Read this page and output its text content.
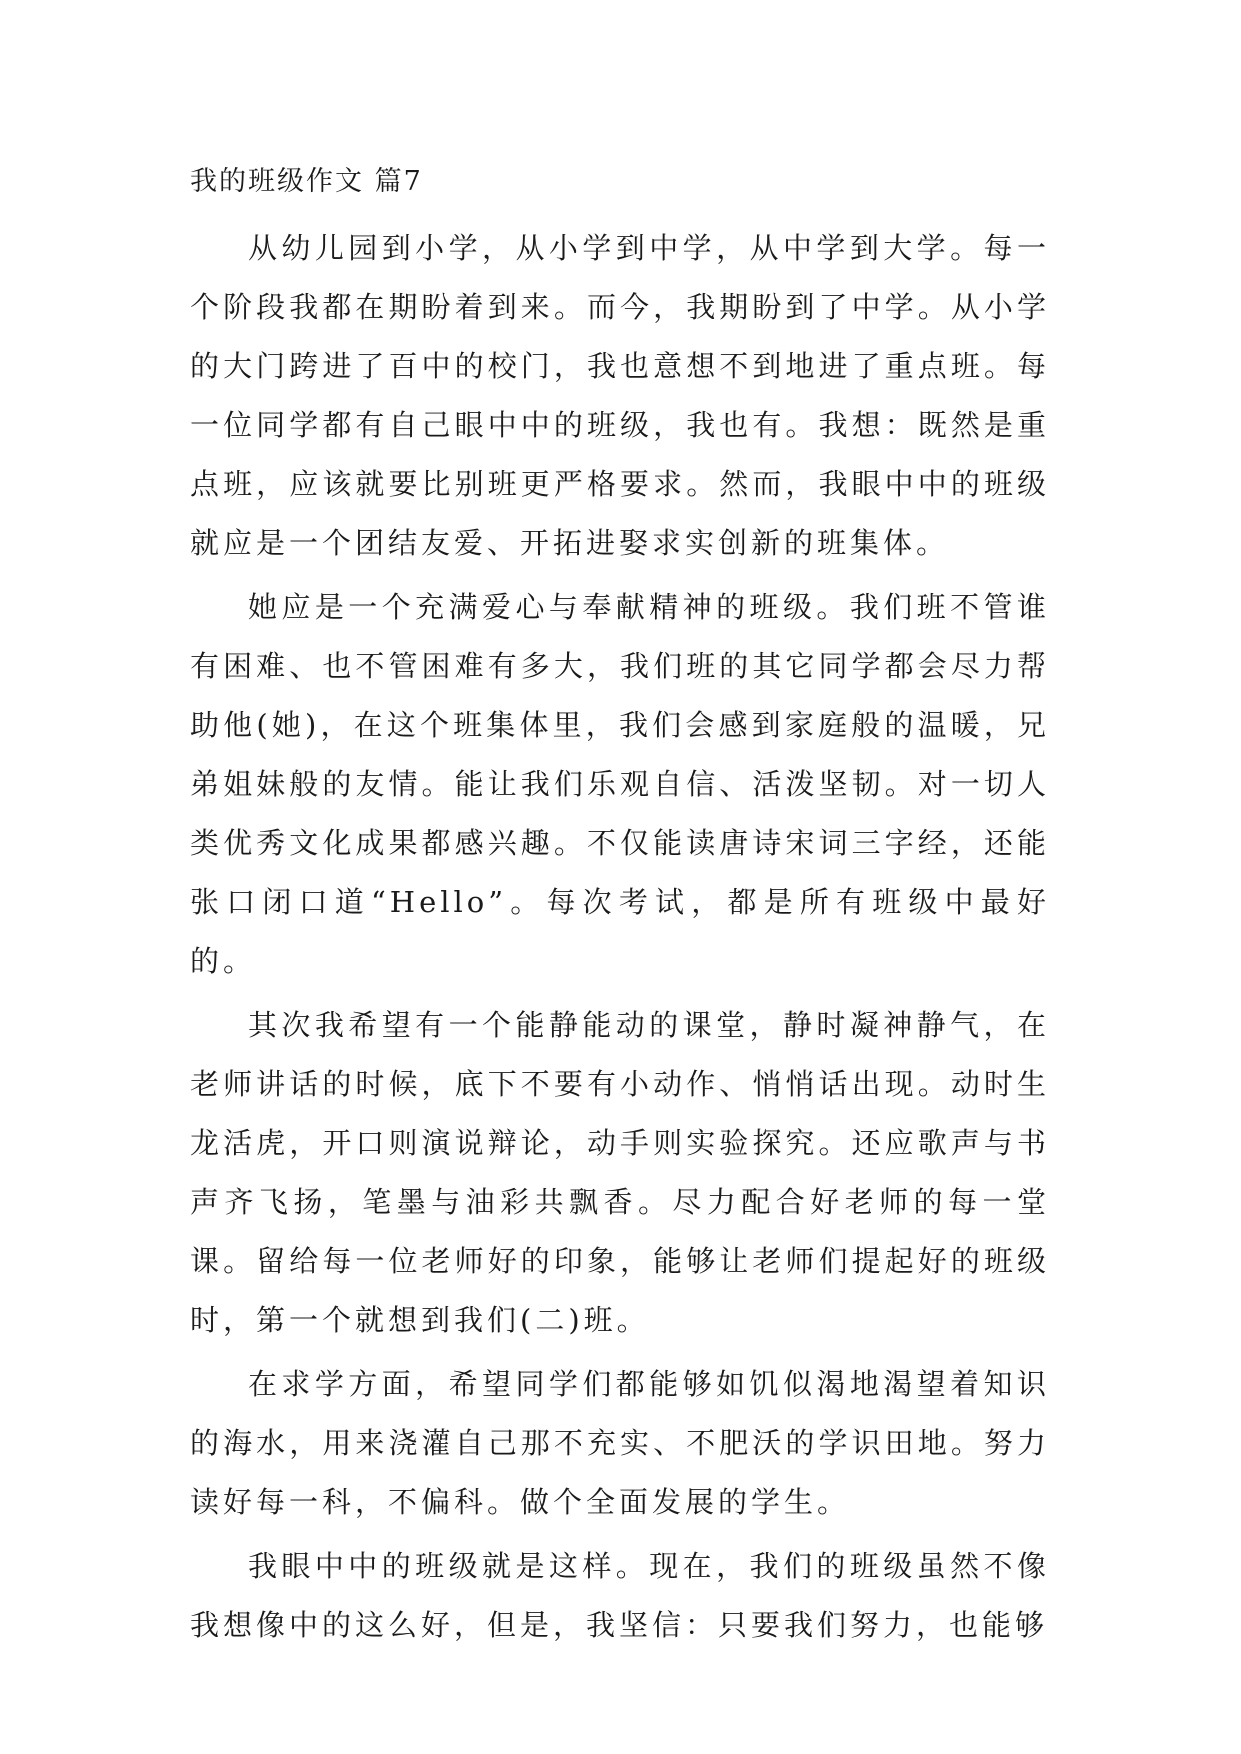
我的班级作文 篇7

从幼儿园到小学，从小学到中学，从中学到大学。每一个阶段我都在期盼着到来。而今，我期盼到了中学。从小学的大门跨进了百中的校门，我也意想不到地进了重点班。每一位同学都有自己眼中中的班级，我也有。我想：既然是重点班，应该就要比别班更严格要求。然而，我眼中中的班级就应是一个团结友爱、开拓进娶求实创新的班集体。

她应是一个充满爱心与奉献精神的班级。我们班不管谁有困难、也不管困难有多大，我们班的其它同学都会尽力帮助他(她)，在这个班集体里，我们会感到家庭般的温暖，兄弟姐妹般的友情。能让我们乐观自信、活泼坚韧。对一切人类优秀文化成果都感兴趣。不仅能读唐诗宋词三字经，还能张口闭口道“Hello”。每次考试，都是所有班级中最好的。

其次我希望有一个能静能动的课堂，静时凝神静气，在老师讲话的时候，底下不要有小动作、悄悄话出现。动时生龙活虎，开口则演说辩论，动手则实验探究。还应歌声与书声齐飞扬，笔墨与油彩共飘香。尽力配合好老师的每一堂课。留给每一位老师好的印象，能够让老师们提起好的班级时，第一个就想到我们(二)班。

在求学方面，希望同学们都能够如饥似渴地渴望着知识的海水，用来浇灌自己那不充实、不肥沃的学识田地。努力读好每一科，不偏科。做个全面发展的学生。

我眼中中的班级就是这样。现在，我们的班级虽然不像我想像中的这么好，但是，我坚信：只要我们努力，也能够
